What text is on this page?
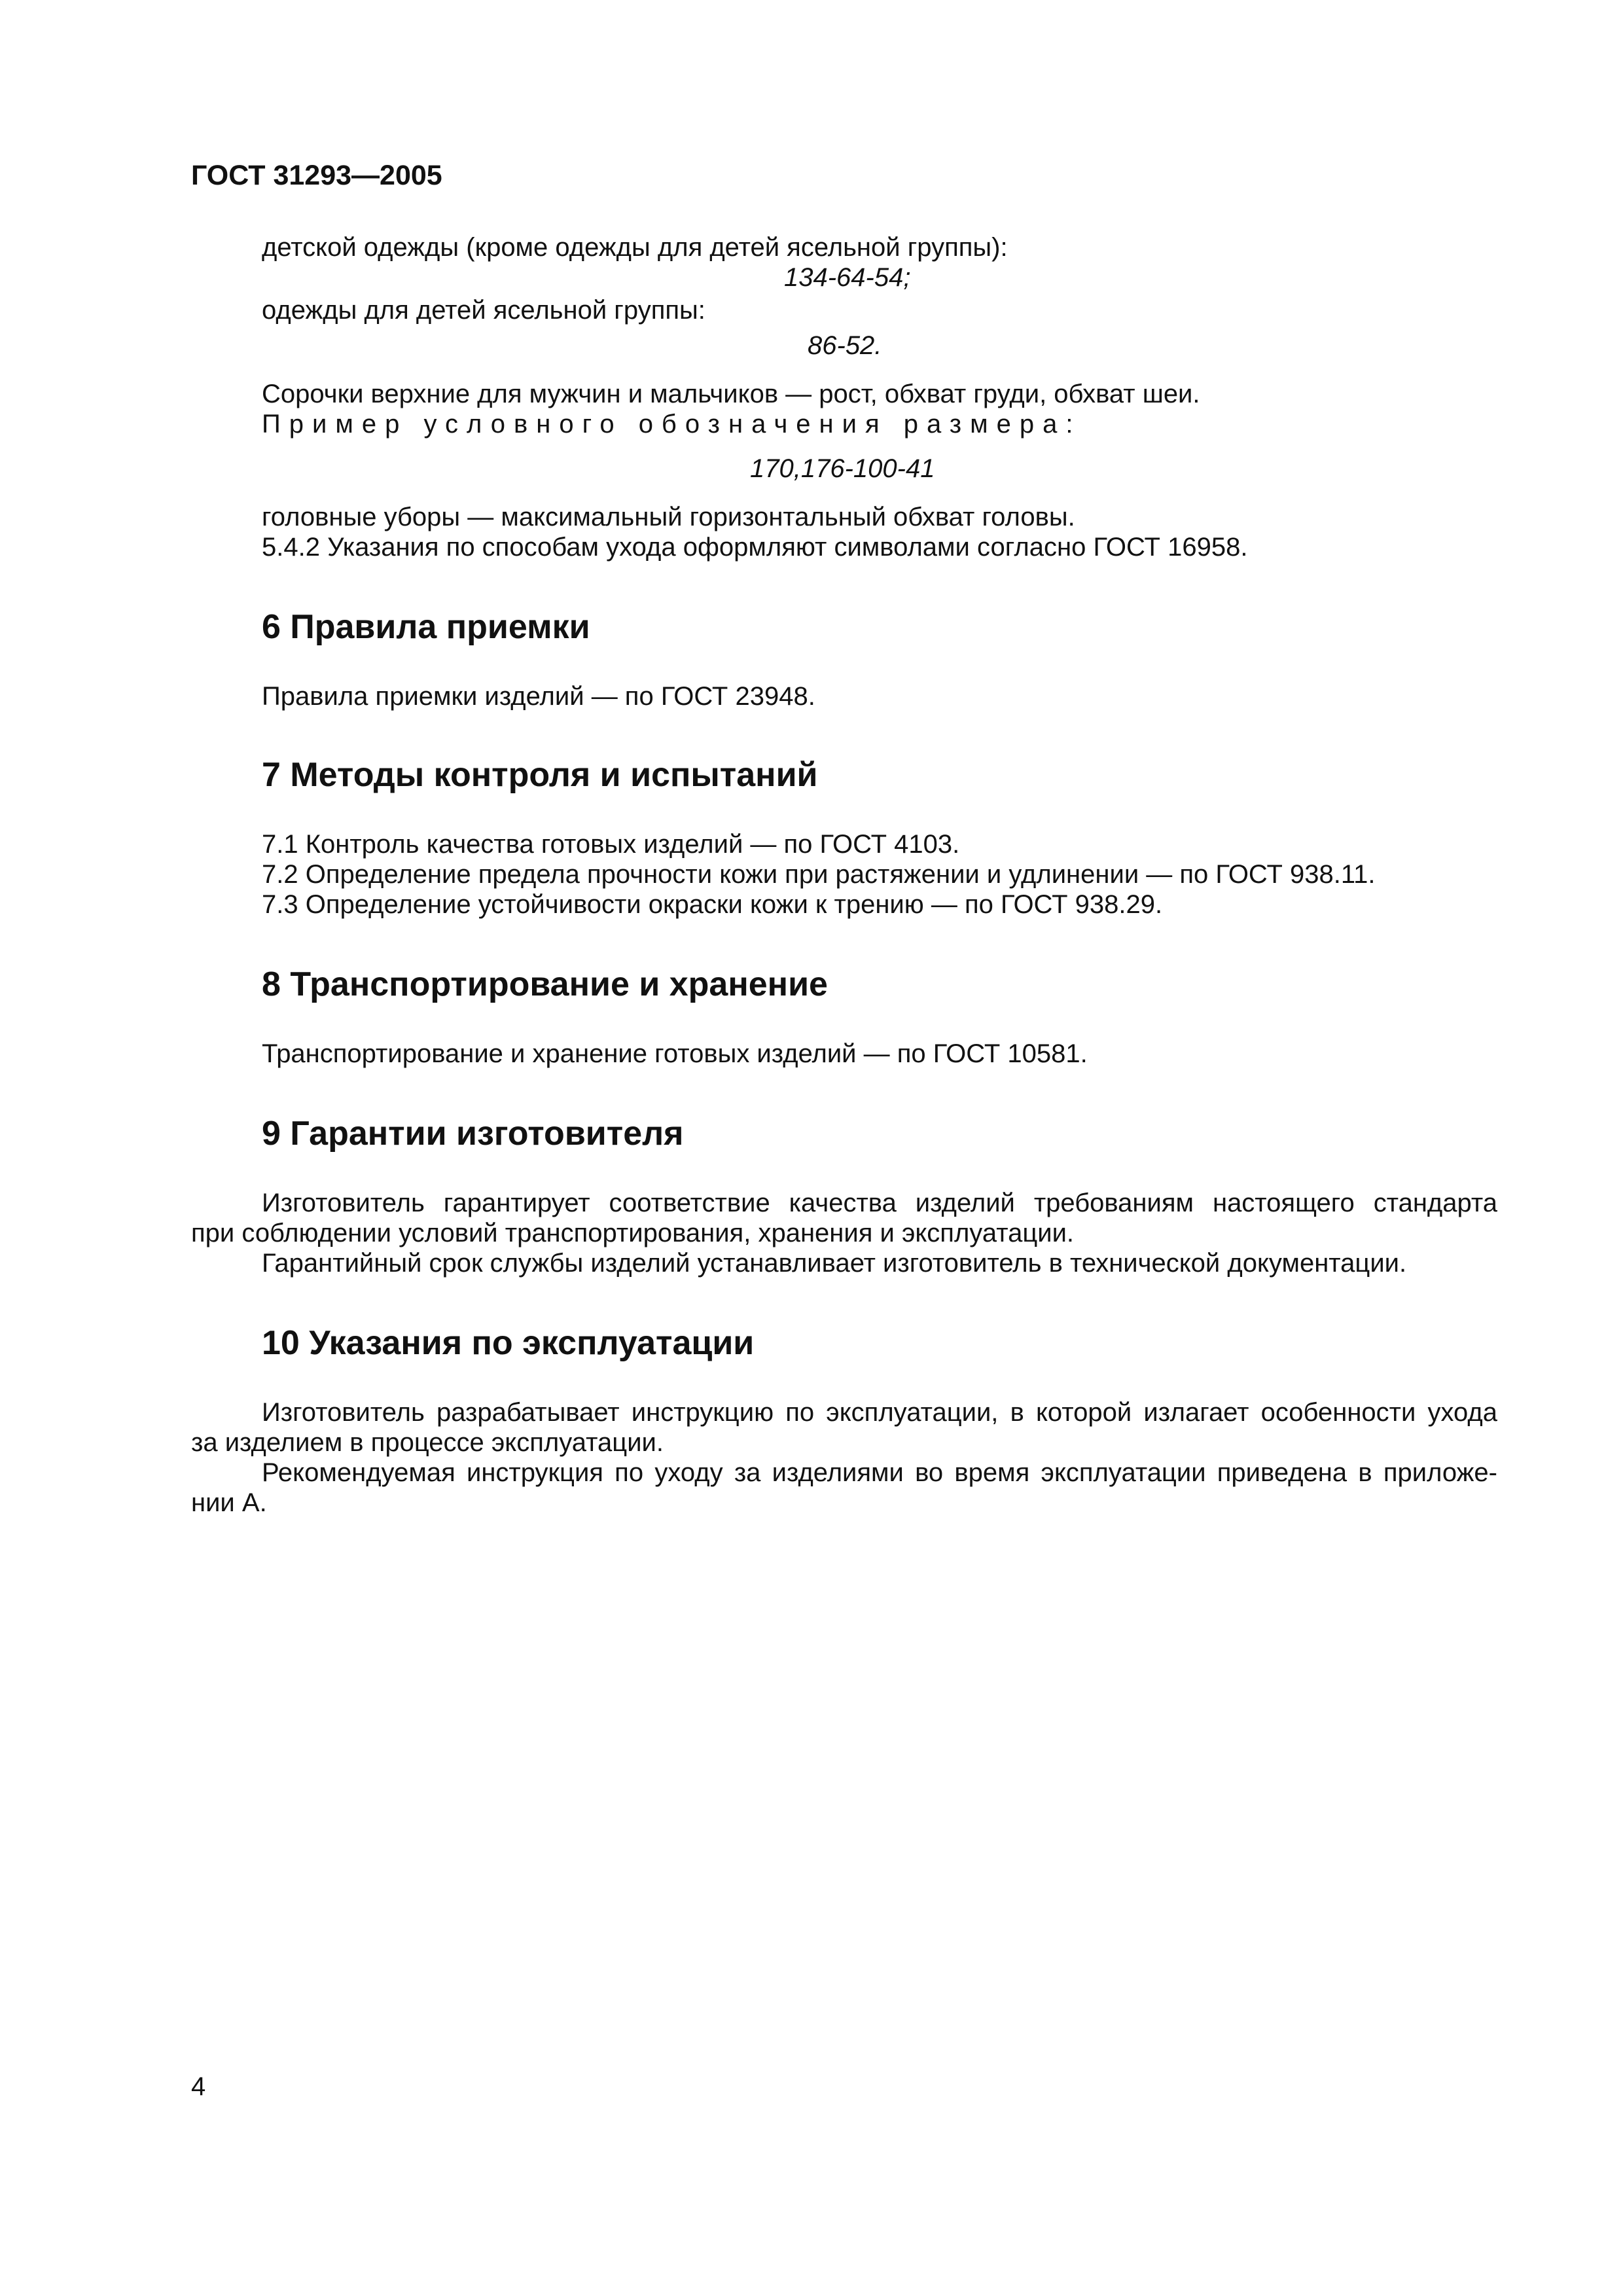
ГОСТ 31293—2005
детской одежды (кроме одежды для детей ясельной группы):
134-64-54;
одежды для детей ясельной группы:
86-52.
Сорочки верхние для мужчин и мальчиков — рост, обхват груди, обхват шеи.
Пример условного обозначения размера:
170,176-100-41
головные уборы — максимальный горизонтальный обхват головы.
5.4.2 Указания по способам ухода оформляют символами согласно ГОСТ 16958.
6 Правила приемки
Правила приемки изделий — по ГОСТ 23948.
7 Методы контроля и испытаний
7.1 Контроль качества готовых изделий — по ГОСТ 4103.
7.2 Определение предела прочности кожи при растяжении и удлинении — по ГОСТ 938.11.
7.3 Определение устойчивости окраски кожи к трению — по ГОСТ 938.29.
8 Транспортирование и хранение
Транспортирование и хранение готовых изделий — по ГОСТ 10581.
9 Гарантии изготовителя
Изготовитель гарантирует соответствие качества изделий требованиям настоящего стандарта
при соблюдении условий транспортирования, хранения и эксплуатации.
Гарантийный срок службы изделий устанавливает изготовитель в технической документации.
10 Указания по эксплуатации
Изготовитель разрабатывает инструкцию по эксплуатации, в которой излагает особенности ухода
за изделием в процессе эксплуатации.
Рекомендуемая инструкция по уходу за изделиями во время эксплуатации приведена в приложе-
нии А.
4
